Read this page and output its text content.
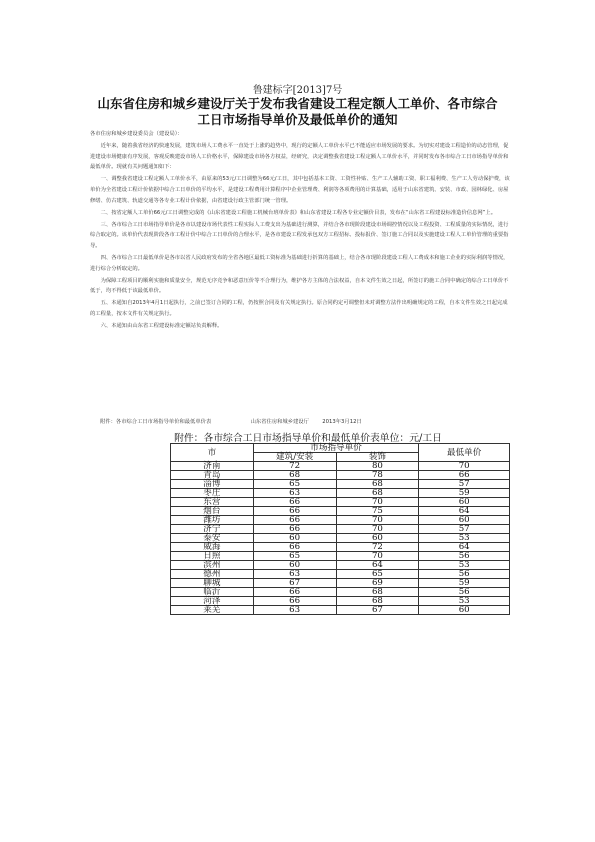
鲁建标字[2013]7号
山东省住房和城乡建设厅关于发布我省建设工程定额人工单价、各市综合
工日市场指导单价及最低单价的通知

各市住房和城乡建设委员会（建设局）：

近年来，随着我省经济的快速发展，建筑市场人工费水平一直处于上涨的趋势中，现行的定额人工单价水平已不能适应市场发展的要求。为切实对建设工程造价的动态管理，促进建设市场健康有序发展，客观反映建设市场人工价格水平，保障建设市场各方权益，经研究，决定调整我省建设工程定额人工单价水平，并同时发布各市综合工日市场指导单价和最低单价。现就有关问题通知如下：

一、调整我省建设工程定额人工单价水平，由原来的53元/工日调整为66元/工日，其中包括基本工资、工资性补贴、生产工人辅助工资、职工福利费、生产工人劳动保护费，该单价为全省建设工程计价依据中综合工日单价的平均水平，是建设工程费用计算程序中企业管理费、利润等各项费用的计算基础，适用于山东省建筑、安装、市政、园林绿化、房屋修缮、仿古建筑、轨道交通等各专业工程计价依据，由省建设行政主管部门统一管理。

二、按省定额人工单价66元/工日调整完成的《山东省建设工程施工机械台班单价表》和山东省建设工程各专业定额价目表，发布在“山东省工程建设标准造价信息网”上。

三、各市综合工日市场指导单价是各市以建设市场代表性工程实际人工费支出为基础进行测算，并结合各市现阶段建设市场调控情况以及工程投资、工程质量的实际情况，进行综合取定的。该单价代表现阶段各市工程计价中综合工日单价的合理水平，是各市建设工程发承包双方工程招标、投标报价、签订施工合同以及实施建设工程人工单价管理的重要指导。

四、各市综合工日最低单价是各市以省人民政府发布的全省各地区最低工资标准为基础进行折算的基础上，结合各市现阶段建设工程人工费成本和施工企业的实际利润等情况，进行综合分析取定的。

为保障工程项目的顺利实施和质量安全，规范无序竞争和恶意压价等不合理行为，维护各方主体的合法权益，自本文件生效之日起，所签订的施工合同中确定的综合工日单价不低于，均不得低于该最低单价。

五、本通知自2013年4月1日起执行，之前已签订合同的工程，仍按照合同及有关规定执行。原合同约定可调整但未对调整方法作出明确规定的工程，自本文件生效之日起完成的工程量，按本文件有关规定执行。

六、本通知由山东省工程建设标准定额站负责解释。

附件：各市综合工日市场指导单价和最低单价表	山东省住房和城乡建设厅	2013年3月12日
附件：各市综合工日市场指导单价和最低单价表单位：元/工日
市	市场指导单价		最低单价
	建筑/安装	装饰	
济南	72	80	70
青岛	68	78	66
淄博	65	68	57
枣庄	63	68	59
东营	66	70	60
烟台	66	75	64
潍坊	66	70	60
济宁	66	70	57
泰安	60	60	53
威海	66	72	64
日照	65	70	56
滨州	60	64	53
德州	63	65	56
聊城	67	69	59
临沂	66	68	56
菏泽	66	68	53
莱芜	63	67	60
